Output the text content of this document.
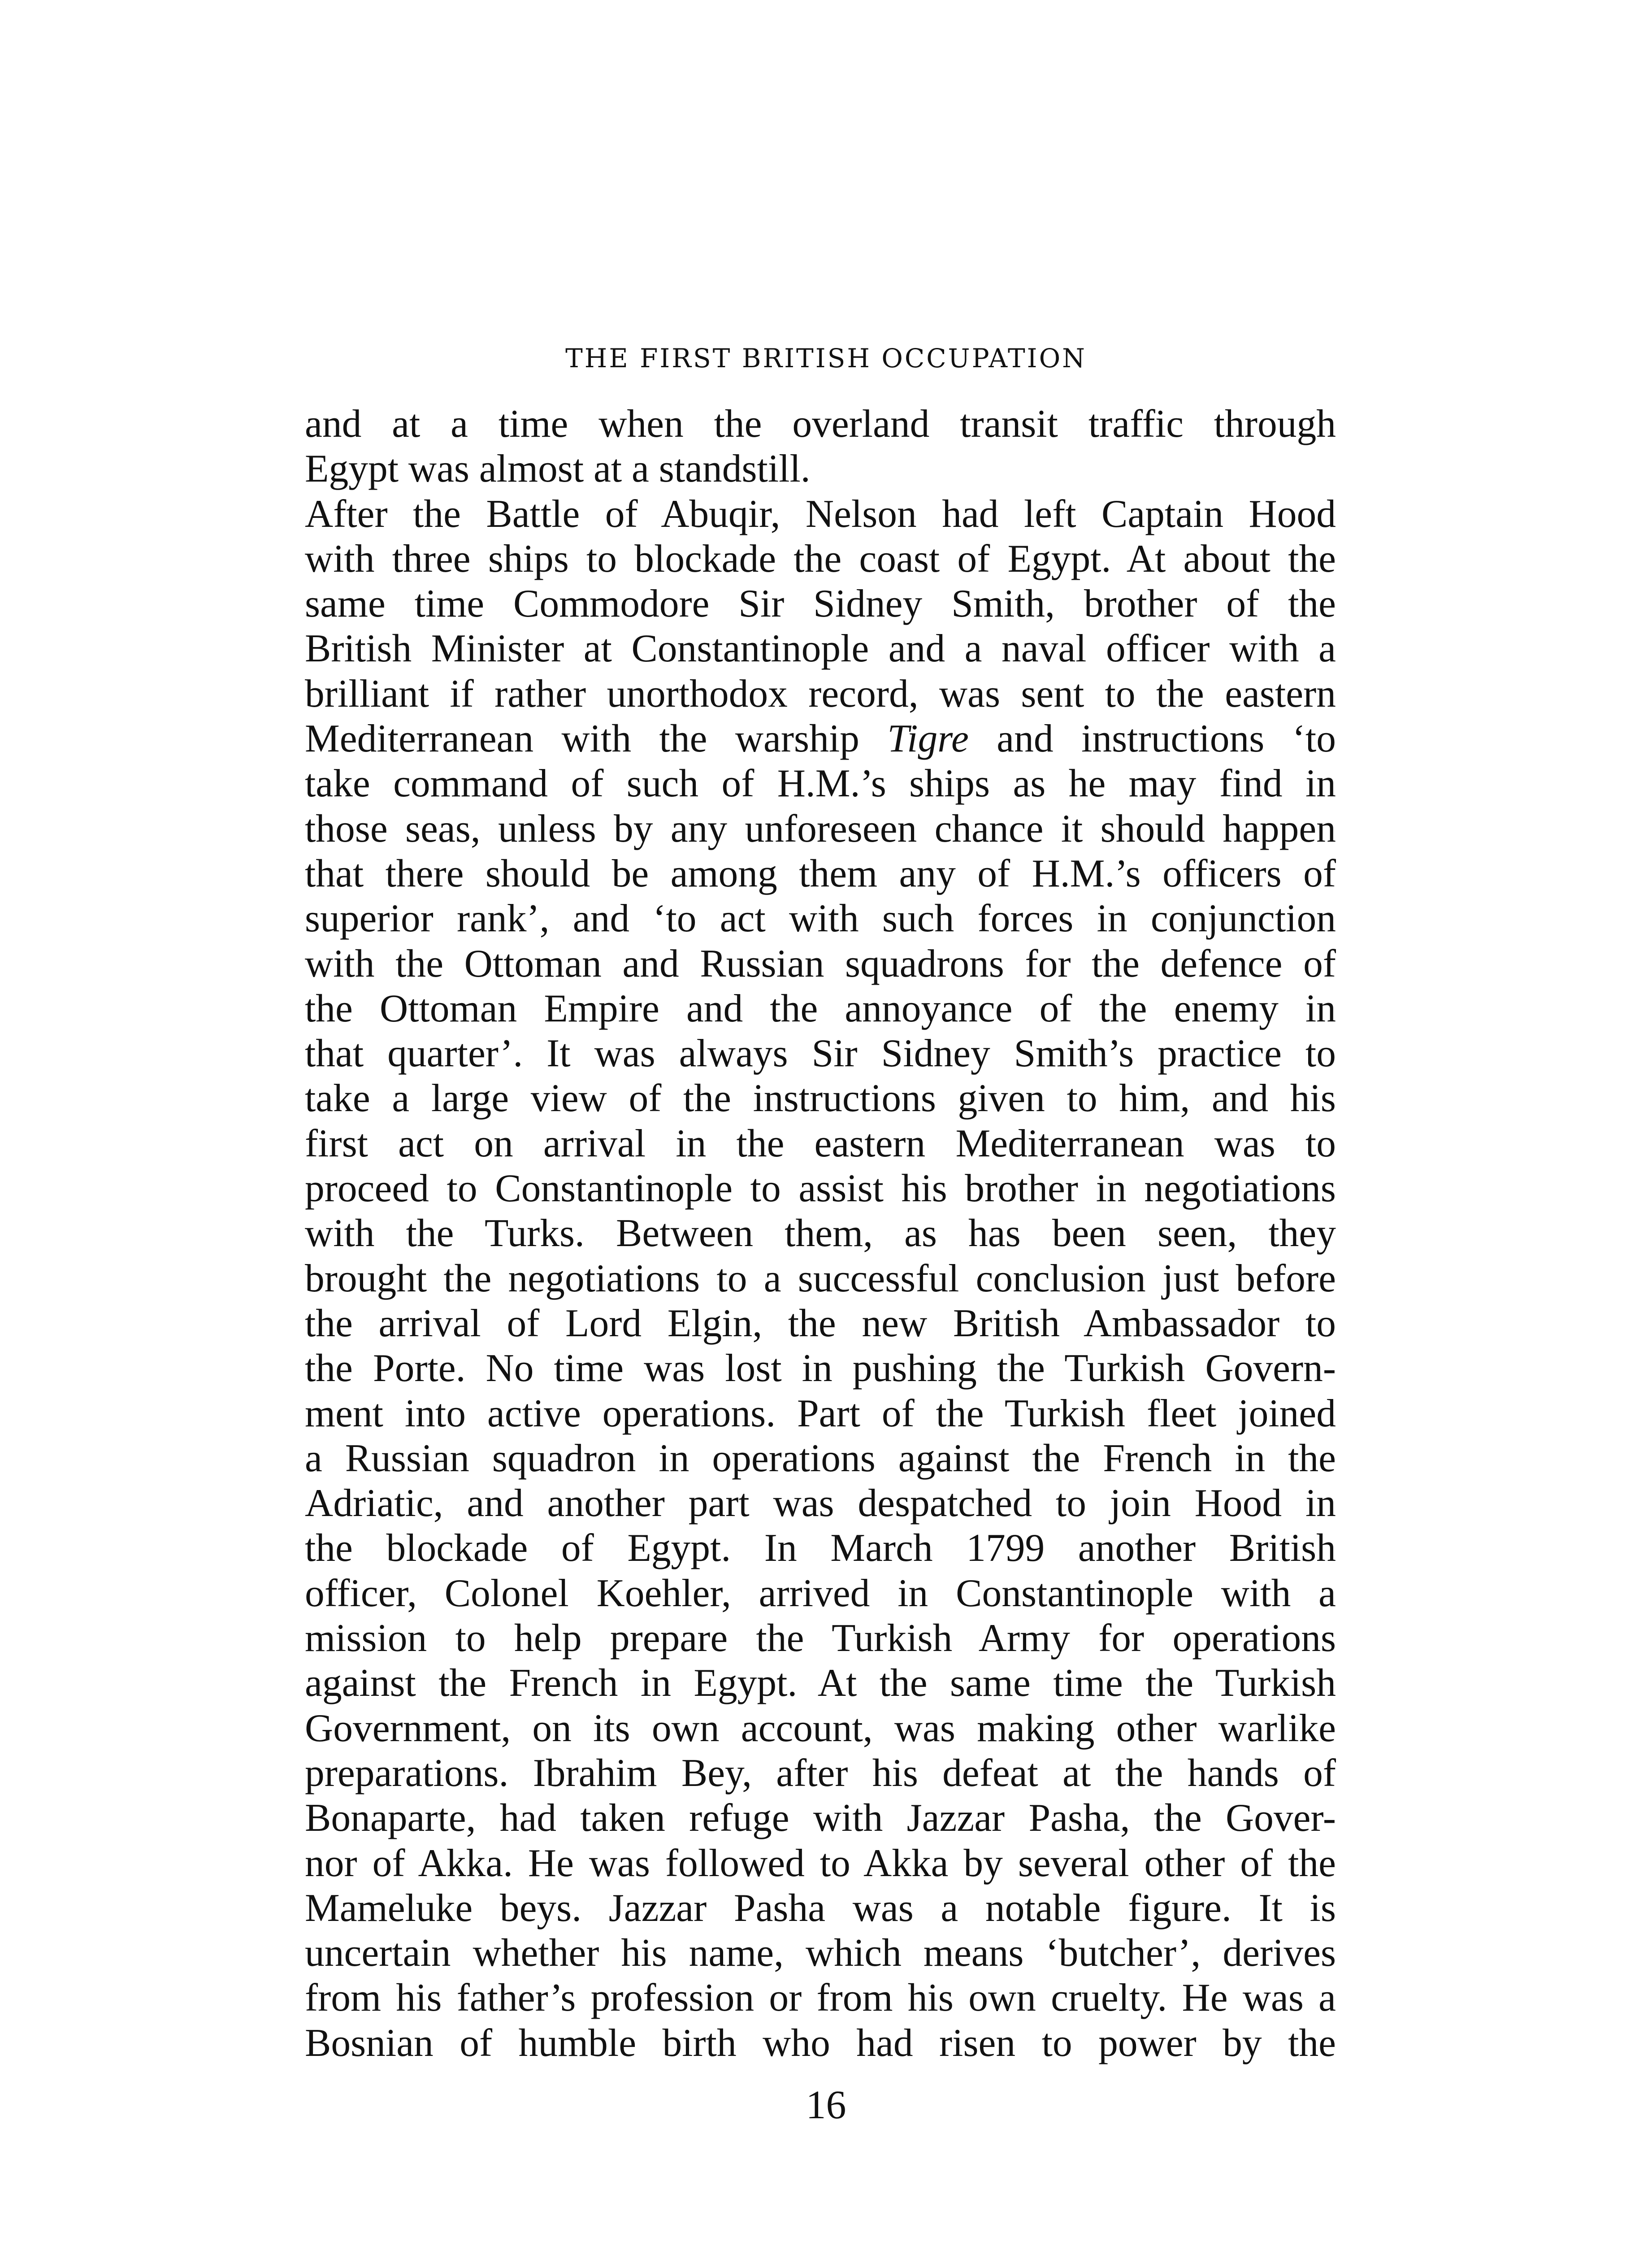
THE FIRST BRITISH OCCUPATION
and at a time when the overland transit traffic through
Egypt was almost at a standstill.
After the Battle of Abuqir, Nelson had left Captain Hood
with three ships to blockade the coast of Egypt. At about the
same time Commodore Sir Sidney Smith, brother of the
British Minister at Constantinople and a naval officer with a
brilliant if rather unorthodox record, was sent to the eastern
Mediterranean with the warship Tigre and instructions ‘to
take command of such of H.M.’s ships as he may find in
those seas, unless by any unforeseen chance it should happen
that there should be among them any of H.M.’s officers of
superior rank’, and ‘to act with such forces in conjunction
with the Ottoman and Russian squadrons for the defence of
the Ottoman Empire and the annoyance of the enemy in
that quarter’. It was always Sir Sidney Smith’s practice to
take a large view of the instructions given to him, and his
first act on arrival in the eastern Mediterranean was to
proceed to Constantinople to assist his brother in negotiations
with the Turks. Between them, as has been seen, they
brought the negotiations to a successful conclusion just before
the arrival of Lord Elgin, the new British Ambassador to
the Porte. No time was lost in pushing the Turkish Govern-
ment into active operations. Part of the Turkish fleet joined
a Russian squadron in operations against the French in the
Adriatic, and another part was despatched to join Hood in
the blockade of Egypt. In March 1799 another British
officer, Colonel Koehler, arrived in Constantinople with a
mission to help prepare the Turkish Army for operations
against the French in Egypt. At the same time the Turkish
Government, on its own account, was making other warlike
preparations. Ibrahim Bey, after his defeat at the hands of
Bonaparte, had taken refuge with Jazzar Pasha, the Gover-
nor of Akka. He was followed to Akka by several other of the
Mameluke beys. Jazzar Pasha was a notable figure. It is
uncertain whether his name, which means ‘butcher’, derives
from his father’s profession or from his own cruelty. He was a
Bosnian of humble birth who had risen to power by the
16
